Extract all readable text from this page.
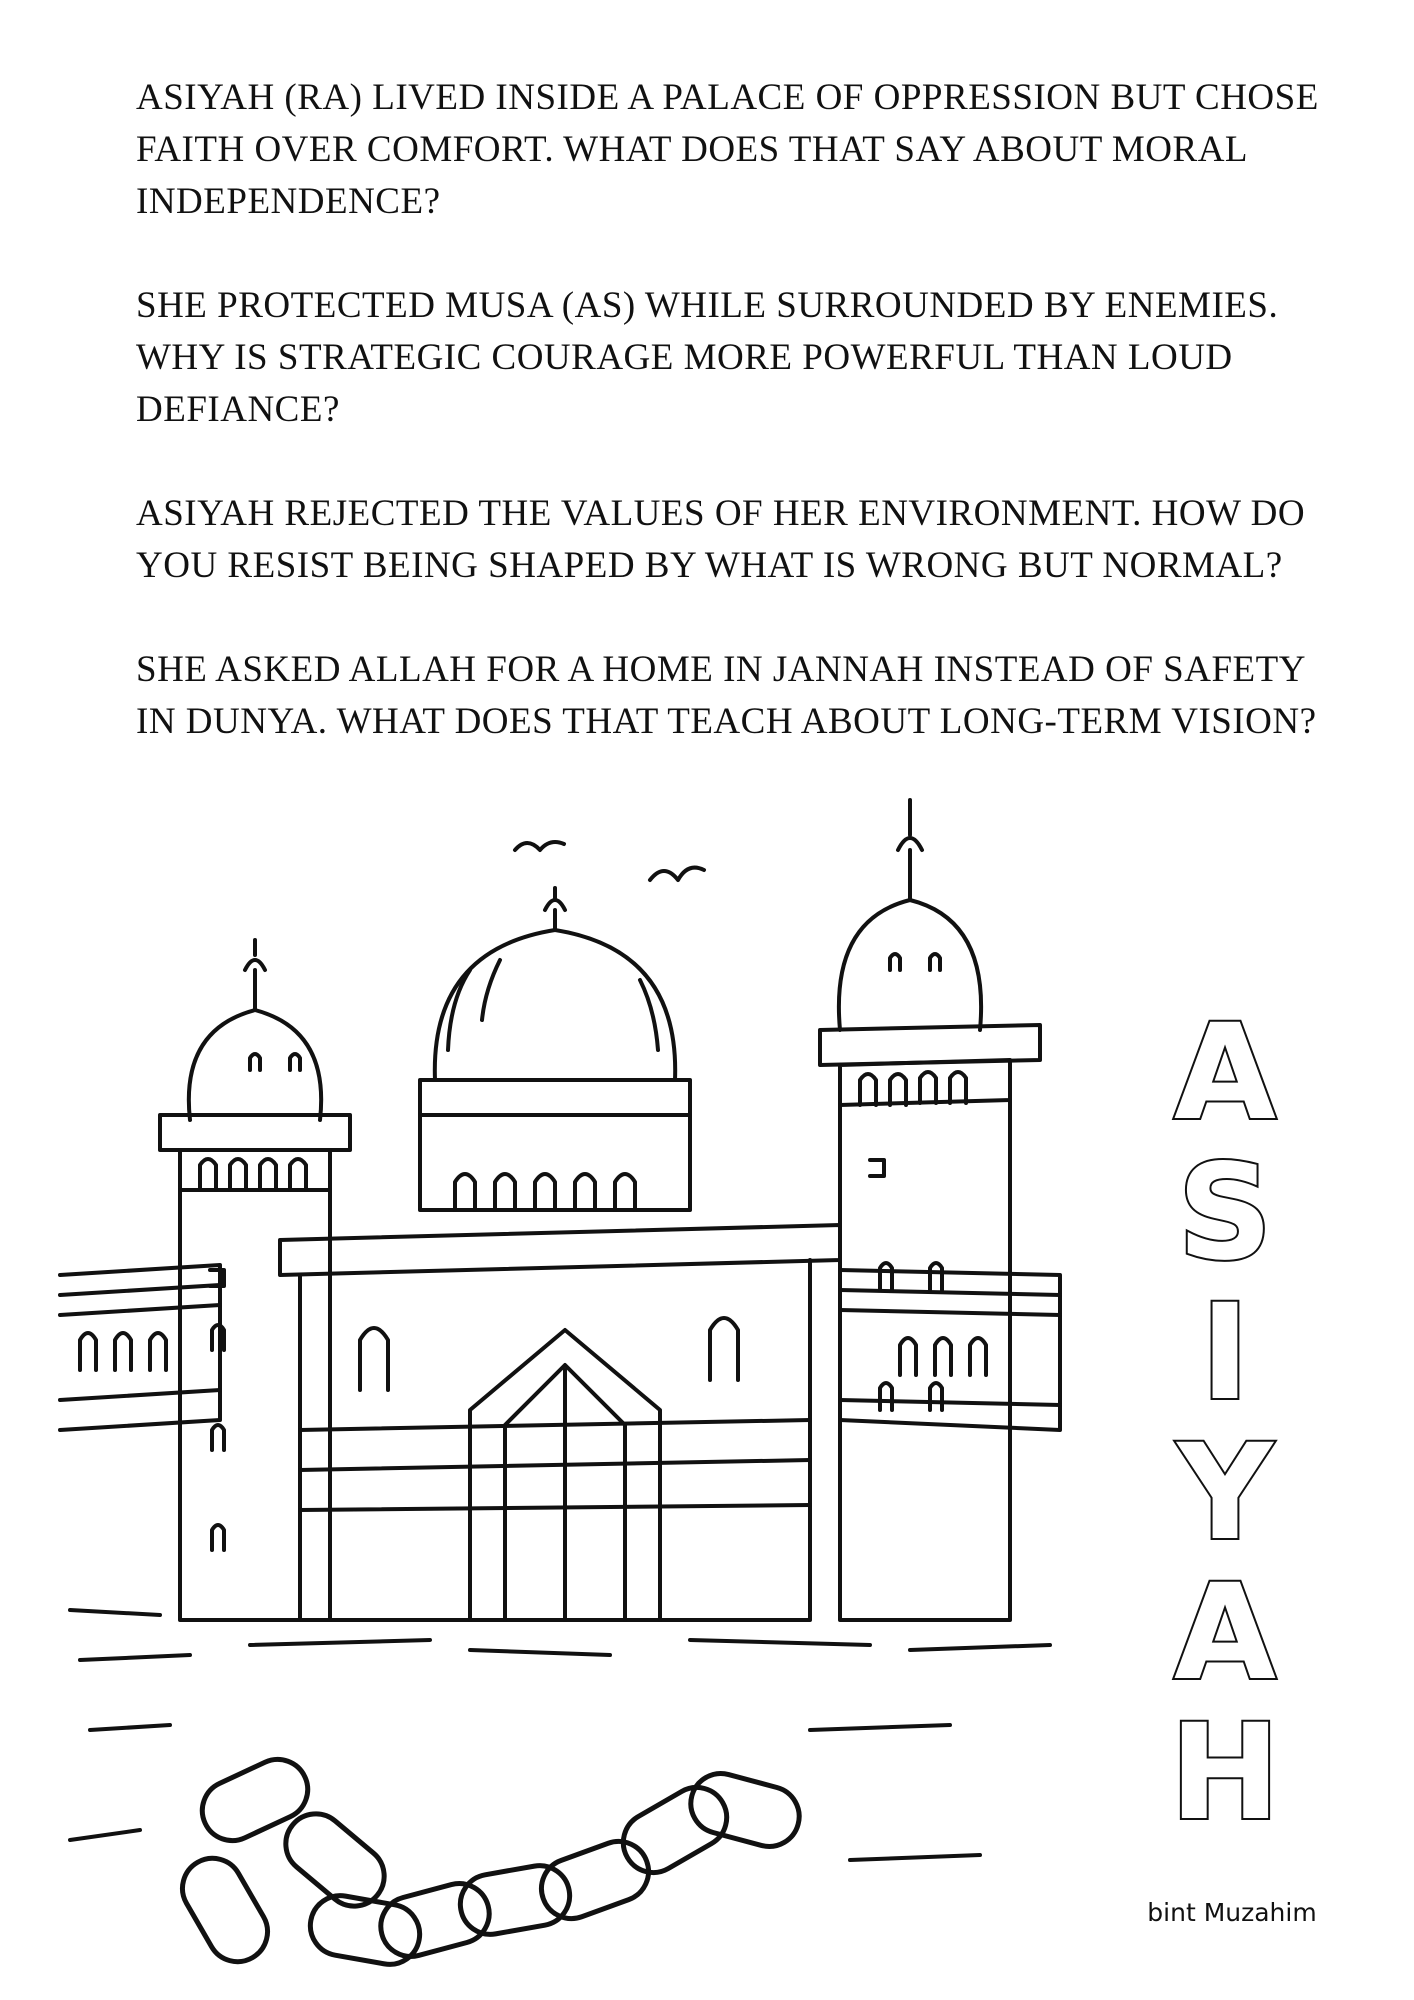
ASIYAH (RA) LIVED INSIDE A PALACE OF OPPRESSION BUT CHOSE FAITH OVER COMFORT. WHAT DOES THAT SAY ABOUT MORAL INDEPENDENCE?

SHE PROTECTED MUSA (AS) WHILE SURROUNDED BY ENEMIES. WHY IS STRATEGIC COURAGE MORE POWERFUL THAN LOUD DEFIANCE?

ASIYAH REJECTED THE VALUES OF HER ENVIRONMENT. HOW DO YOU RESIST BEING SHAPED BY WHAT IS WRONG BUT NORMAL?

SHE ASKED ALLAH FOR A HOME IN JANNAH INSTEAD OF SAFETY IN DUNYA. WHAT DOES THAT TEACH ABOUT LONG-TERM VISION?

A
S
I
Y
A
H
bint Muzahim
